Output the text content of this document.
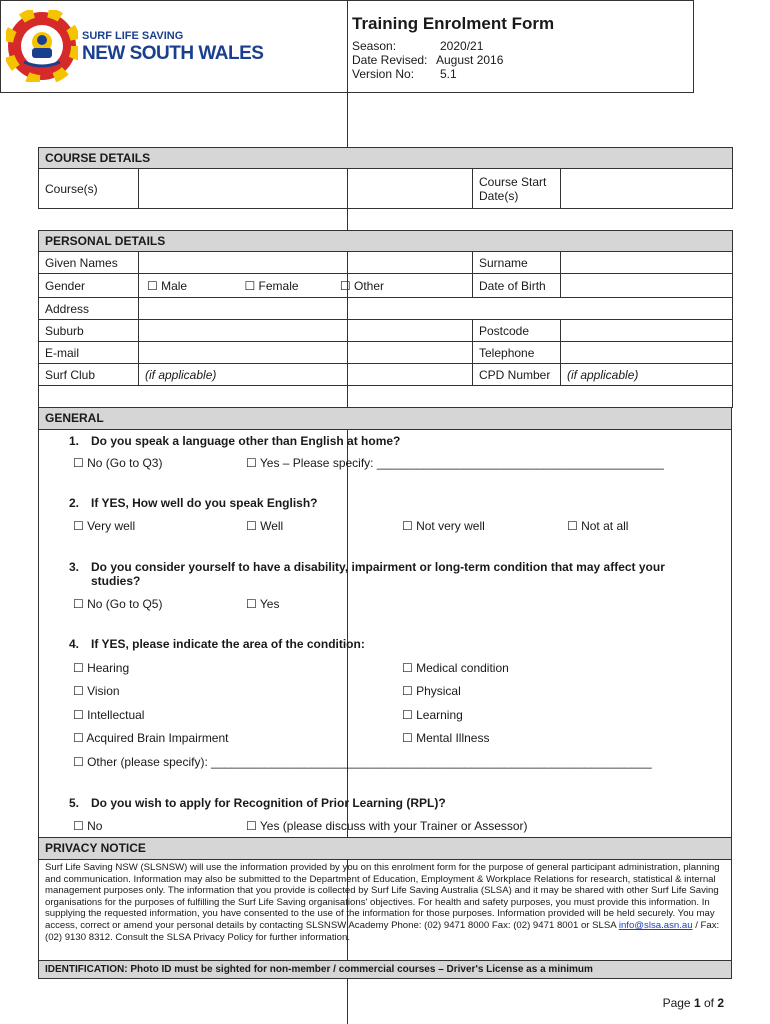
SURF LIFE SAVING
NEW SOUTH WALES
Training Enrolment Form
Season:	2020/21
Date Revised: August 2016
Version No: 5.1
COURSE DETAILS
Course(s)		Course Start Date(s)	
PERSONAL DETAILS			
Given Names		Surname	
Gender	☐ Male ☐ Female ☐ Other	Date of Birth	
Address			
Suburb		Postcode	
E-mail		Telephone	
Surf Club	(if applicable)	CPD Number	(if applicable)

GENERAL
1. Do you speak a language other than English at home?
☐ No (Go to Q3)	☐ Yes – Please specify: ___________________________________________
2. If YES, How well do you speak English?
☐ Very well	☐ Well	☐ Not very well	☐ Not at all
3. Do you consider yourself to have a disability, impairment or long-term condition that may affect your
studies?
☐ No (Go to Q5)	☐ Yes
4. If YES, please indicate the area of the condition:
☐ Hearing	☐ Medical condition
☐ Vision	☐ Physical
☐ Intellectual	☐ Learning
☐ Acquired Brain Impairment	☐ Mental Illness
☐ Other (please specify): __________________________________________________________________
5. Do you wish to apply for Recognition of Prior Learning (RPL)?
☐ No	☐ Yes (please discuss with your Trainer or Assessor)
PRIVACY NOTICE
Surf Life Saving NSW (SLSNSW) will use the information provided by you on this enrolment form for the purpose of general participant administration, planning and communication. Information may also be submitted to the Department of Education, Employment & Workplace Relations for research, statistical & internal management purposes only. The information that you provide is collected by Surf Life Saving Australia (SLSA) and it may be shared with other Surf Life Saving organisations for the purposes of fulfilling the Surf Life Saving organisations' objectives. For health and safety purposes, you must provide this information. In supplying the requested information, you have consented to the use of the information for those purposes. Information provided will be held securely. You may access, correct or amend your personal details by contacting SLSNSW Academy Phone: (02) 9471 8000 Fax: (02) 9471 8001 or SLSA info@slsa.asn.au / Fax: (02) 9130 8312. Consult the SLSA Privacy Policy for further information.
IDENTIFICATION: Photo ID must be sighted for non-member / commercial courses – Driver's License as a minimum
Page 1 of 2
